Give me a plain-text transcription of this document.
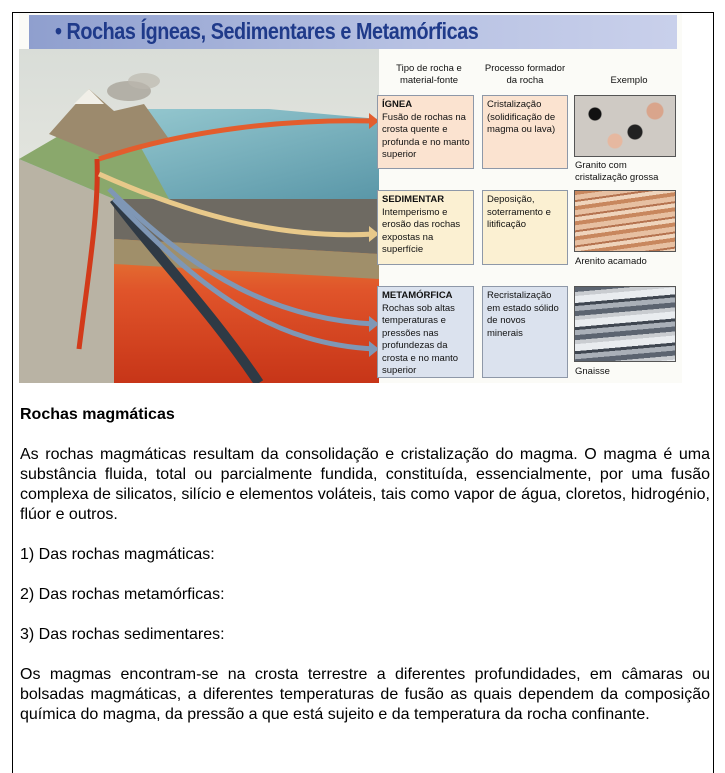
• Rochas Ígneas, Sedimentares e Metamórficas
Tipo de rocha e material-fonte
Processo formador da rocha	Exemplo
ÍGNEA
Fusão de rochas na crosta quente e profunda e no manto superior
Cristalização (solidificação de magma ou lava)
Granito com cristalização grossa
SEDIMENTAR
Intemperismo e erosão das rochas expostas na superfície
Deposição, soterramento e litificação
Arenito acamado
METAMÓRFICA
Rochas sob altas temperaturas e pressões nas profundezas da crosta e no manto superior
Recristalização em estado sólido de novos minerais
Gnaisse
Rochas magmáticas
As rochas magmáticas resultam da consolidação e cristalização do magma. O magma é uma substância fluida, total ou parcialmente fundida, constituída, essencialmente, por uma fusão complexa de silicatos, silício e elementos voláteis, tais como vapor de água, cloretos, hidrogénio, flúor e outros.
1) Das rochas magmáticas:
2) Das rochas metamórficas:
3) Das rochas sedimentares:
Os magmas encontram-se na crosta terrestre a diferentes profundidades, em câmaras ou bolsadas magmáticas, a diferentes temperaturas de fusão as quais dependem da composição química do magma, da pressão a que está sujeito e da temperatura da rocha confinante.
